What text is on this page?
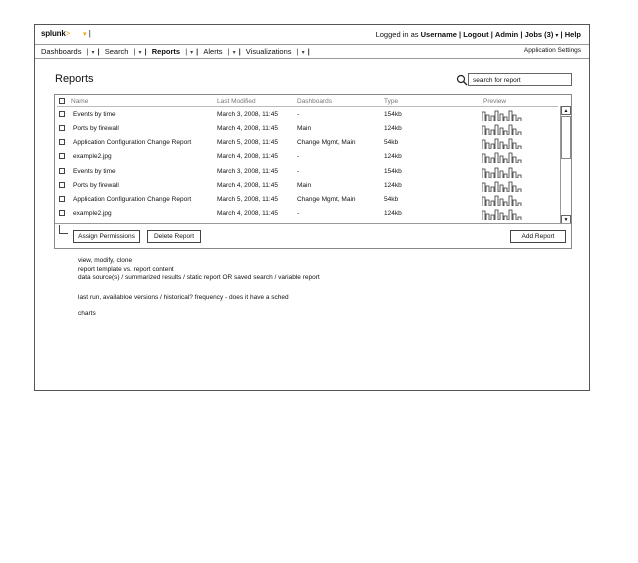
splunk> ▾ |	Logged in as Username | Logout | Admin | Jobs (3) ▾ | Help
Dashboards | ▾ | Search | ▾ | Reports | ▾ | Alerts | ▾ | Visualizations | ▾ |	Application Settings
Reports	search for report
Name	Last Modified	Dashboards	Type	Preview
Events by time	March 3, 2008, 11:45	-	154kb
Ports by firewall	March 4, 2008, 11:45	Main	124kb
Application Configuration Change Report	March 5, 2008, 11:45	Change Mgmt, Main	54kb
example2.jpg	March 4, 2008, 11:45	-	124kb
Events by time	March 3, 2008, 11:45	-	154kb
Ports by firewall	March 4, 2008, 11:45	Main	124kb
Application Configuration Change Report	March 5, 2008, 11:45	Change Mgmt, Main	54kb
example2.jpg	March 4, 2008, 11:45	-	124kb
▲
▼
Assign Permissions	Delete Report	Add Report
view, modify, clone
report template vs. report content
data source(s) / summarized results / static report OR saved search / variable report
last run, availabloe versions / historical? frequency - does it have a sched
charts
